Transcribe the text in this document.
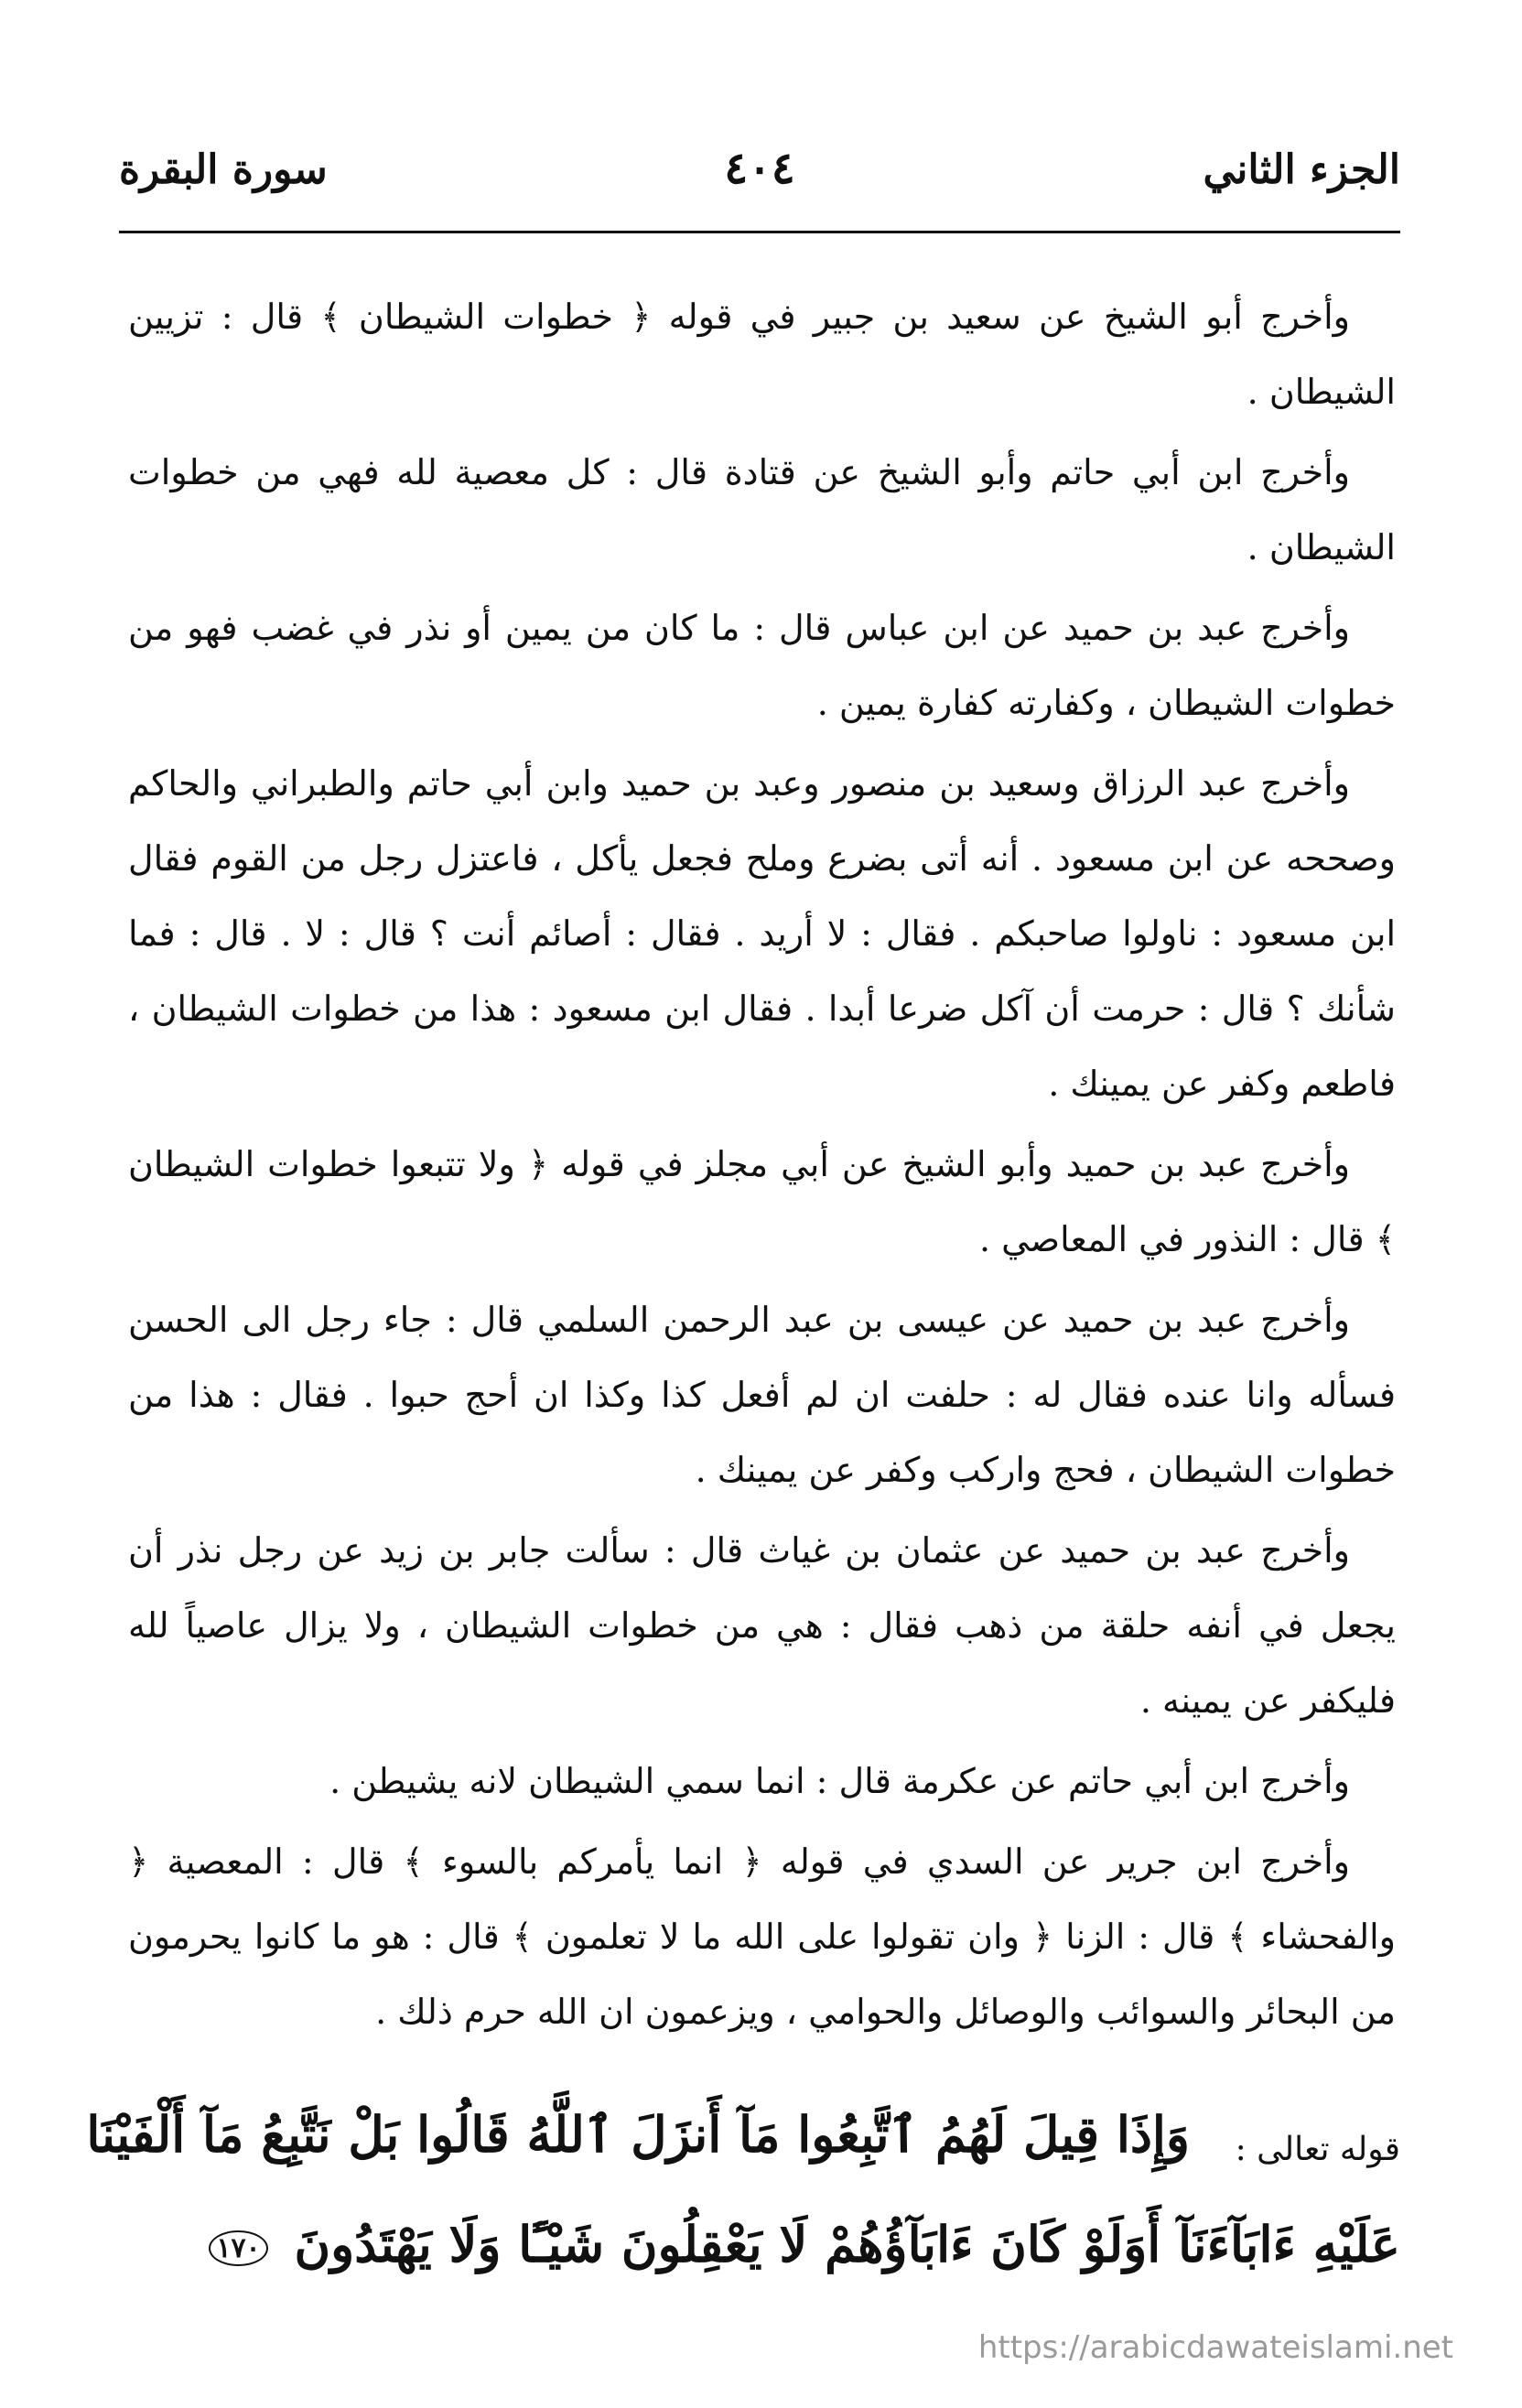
الجزء الثاني
٤٠٤
سورة البقرة

وأخرج أبو الشيخ عن سعيد بن جبير في قوله ﴿ خطوات الشيطان ﴾ قال : تزيين الشيطان .

وأخرج ابن أبي حاتم وأبو الشيخ عن قتادة قال : كل معصية لله فهي من خطوات الشيطان .

وأخرج عبد بن حميد عن ابن عباس قال : ما كان من يمين أو نذر في غضب فهو من خطوات الشيطان ، وكفارته كفارة يمين .

وأخرج عبد الرزاق وسعيد بن منصور وعبد بن حميد وابن أبي حاتم والطبراني والحاكم وصححه عن ابن مسعود . أنه أتى بضرع وملح فجعل يأكل ، فاعتزل رجل من القوم فقال ابن مسعود : ناولوا صاحبكم . فقال : لا أريد . فقال : أصائم أنت ؟ قال : لا . قال : فما شأنك ؟ قال : حرمت أن آكل ضرعا أبدا . فقال ابن مسعود : هذا من خطوات الشيطان ، فاطعم وكفر عن يمينك .

وأخرج عبد بن حميد وأبو الشيخ عن أبي مجلز في قوله ﴿ ولا تتبعوا خطوات الشيطان ﴾ قال : النذور في المعاصي .

وأخرج عبد بن حميد عن عيسى بن عبد الرحمن السلمي قال : جاء رجل الى الحسن فسأله وانا عنده فقال له : حلفت ان لم أفعل كذا وكذا ان أحج حبوا . فقال : هذا من خطوات الشيطان ، فحج واركب وكفر عن يمينك .

وأخرج عبد بن حميد عن عثمان بن غياث قال : سألت جابر بن زيد عن رجل نذر أن يجعل في أنفه حلقة من ذهب فقال : هي من خطوات الشيطان ، ولا يزال عاصياً لله فليكفر عن يمينه .

وأخرج ابن أبي حاتم عن عكرمة قال : انما سمي الشيطان لانه يشيطن .

وأخرج ابن جرير عن السدي في قوله ﴿ انما يأمركم بالسوء ﴾ قال : المعصية ﴿ والفحشاء ﴾ قال : الزنا ﴿ وان تقولوا على الله ما لا تعلمون ﴾ قال : هو ما كانوا يحرمون من البحائر والسوائب والوصائل والحوامي ، ويزعمون ان الله حرم ذلك .

قوله تعالى :
وَإِذَا قِيلَ لَهُمُ ٱتَّبِعُوا مَآ أَنزَلَ ٱللَّهُ قَالُوا بَلْ نَتَّبِعُ مَآ أَلْفَيْنَا
عَلَيْهِ ءَابَآءَنَآ أَوَلَوْ كَانَ ءَابَآؤُهُمْ لَا يَعْقِلُونَ شَيْـًٔا وَلَا يَهْتَدُونَ ١٧٠
https://arabicdawateislami.net
